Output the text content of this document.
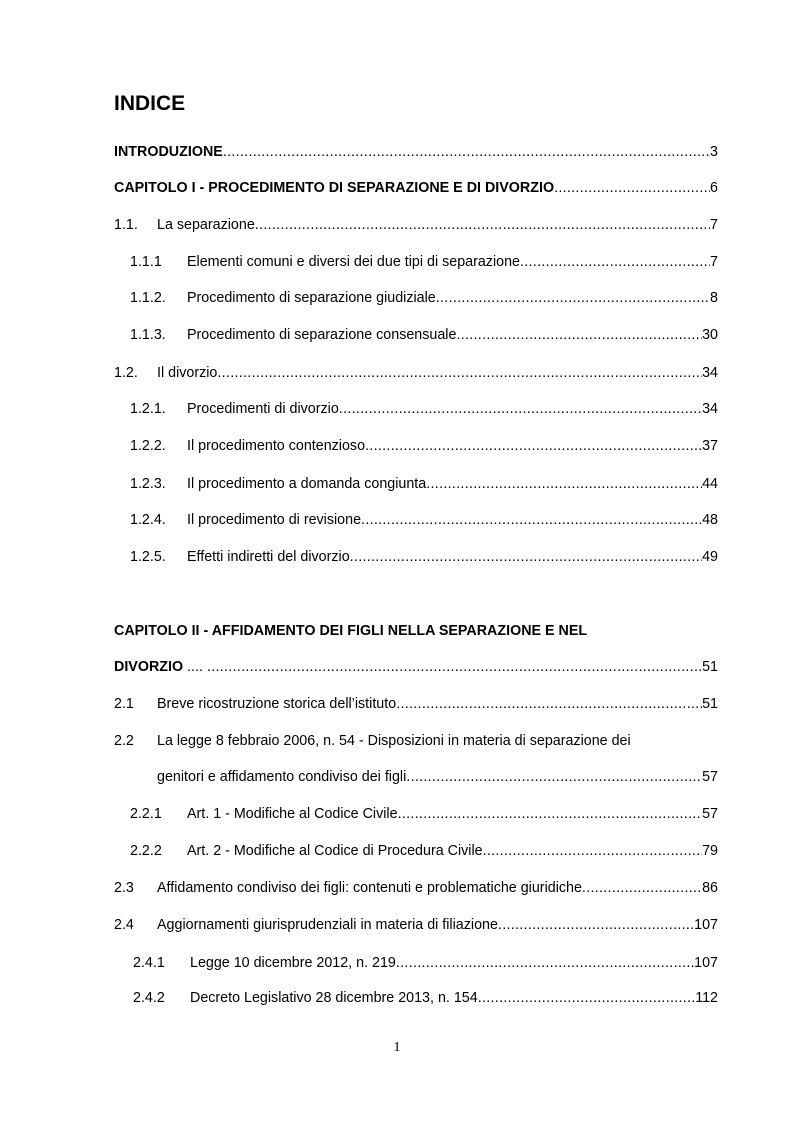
INDICE
INTRODUZIONE .....	3
CAPITOLO I - PROCEDIMENTO DI SEPARAZIONE E DI DIVORZIO .....	6
1.1.	La separazione .....	7
1.1.1	Elementi comuni e diversi dei due tipi di separazione .....	7
1.1.2.	Procedimento di separazione giudiziale .....	8
1.1.3.	Procedimento di separazione consensuale .....	30
1.2.	Il divorzio .....	34
1.2.1.	Procedimenti di divorzio .....	34
1.2.2.	Il procedimento contenzioso .....	37
1.2.3.	Il procedimento a domanda congiunta .....	44
1.2.4.	Il procedimento di revisione .....	48
1.2.5.	Effetti indiretti del divorzio .....	49
CAPITOLO II - AFFIDAMENTO DEI FIGLI NELLA SEPARAZIONE E NEL
DIVORZIO .... .....	51
2.1	Breve ricostruzione storica dell’istituto .....	51
2.2 La legge 8 febbraio 2006, n. 54 - Disposizioni in materia di separazione dei
genitori e affidamento condiviso dei figli .....	57
2.2.1	Art. 1 - Modifiche al Codice Civile .....	57
2.2.2	Art. 2 - Modifiche al Codice di Procedura Civile .....	79
2.3	Affidamento condiviso dei figli: contenuti e problematiche giuridiche .....	86
2.4	Aggiornamenti giurisprudenziali in materia di filiazione .....	107
2.4.1	Legge 10 dicembre 2012, n. 219 .....	107
2.4.2	Decreto Legislativo 28 dicembre 2013, n. 154 .....	112
1
